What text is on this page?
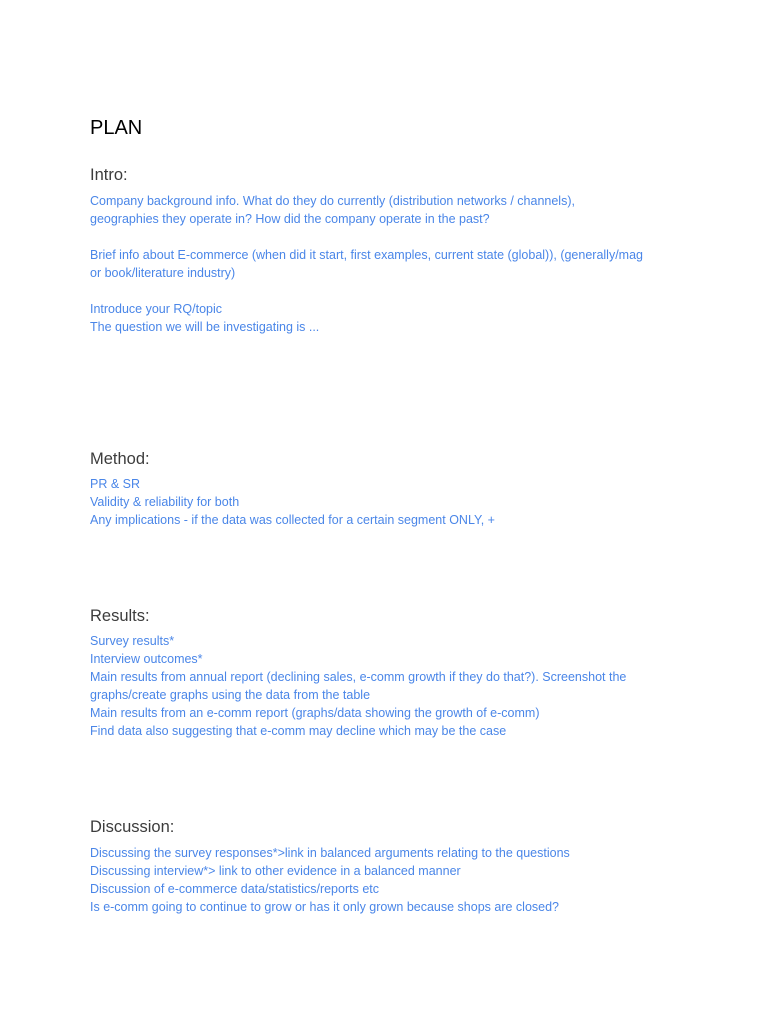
PLAN
Intro:
Company background info. What do they do currently (distribution networks / channels),
geographies they operate in? How did the company operate in the past?
Brief info about E-commerce (when did it start, first examples, current state (global)), (generally/mag
or book/literature industry)
Introduce your RQ/topic
The question we will be investigating is ...
Method:
PR & SR
Validity & reliability for both
Any implications - if the data was collected for a certain segment ONLY, +
Results:
Survey results*
Interview outcomes*
Main results from annual report (declining sales, e-comm growth if they do that?). Screenshot the
graphs/create graphs using the data from the table
Main results from an e-comm report (graphs/data showing the growth of e-comm)
Find data also suggesting that e-comm may decline which may be the case
Discussion:
Discussing the survey responses*>link in balanced arguments relating to the questions
Discussing interview*> link to other evidence in a balanced manner
Discussion of e-commerce data/statistics/reports etc
Is e-comm going to continue to grow or has it only grown because shops are closed?
